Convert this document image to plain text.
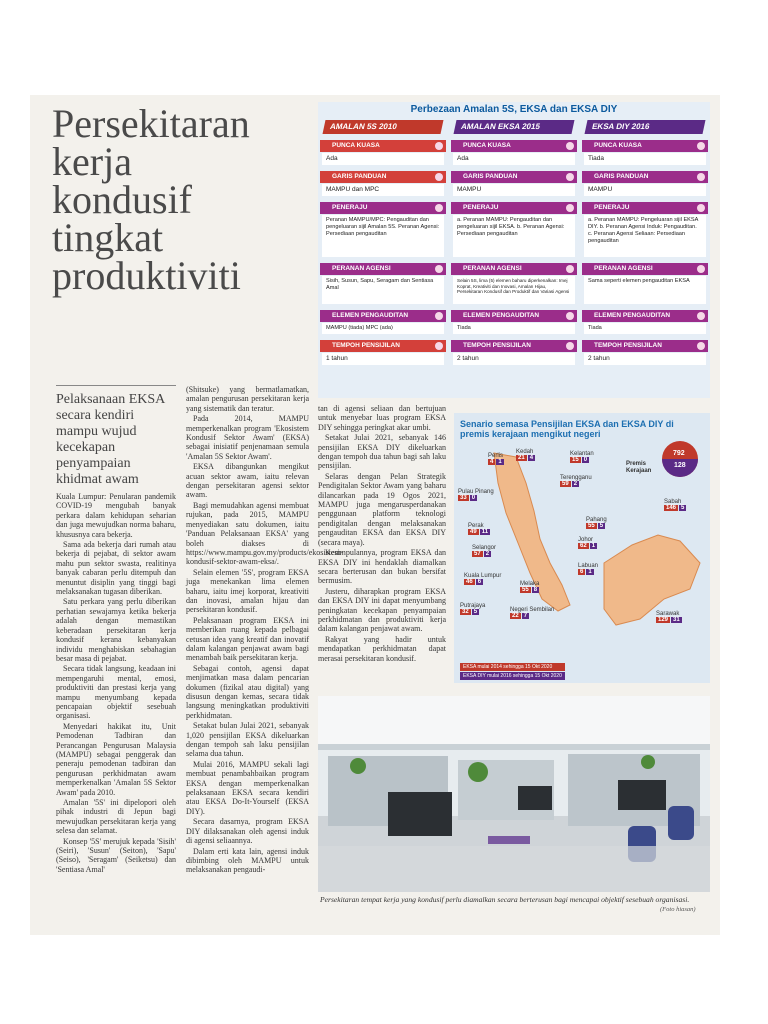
Persekitaran
kerja
kondusif
tingkat
produktiviti
Pelaksanaan EKSA secara kendiri mampu wujud kecekapan penyampaian khidmat awam

Kuala Lumpur: Penularan pandemik COVID-19 mengubah banyak perkara dalam kehidupan seharian dan juga mewujudkan norma baharu, khususnya cara bekerja.

Sama ada bekerja dari rumah atau bekerja di pejabat, di sektor awam mahu pun sektor swasta, realitinya banyak cabaran perlu ditempuh dan menuntut disiplin yang tinggi bagi melaksanakan tugasan diberikan.

Satu perkara yang perlu diberikan perhatian sewajarnya ketika bekerja adalah dengan memastikan keberadaan persekitaran kerja kondusif kerana kebanyakan individu menghabiskan sebahagian besar masa di pejabat.

Secara tidak langsung, keadaan ini mempengaruhi mental, emosi, produktiviti dan prestasi kerja yang mampu menyumbang kepada pencapaian objektif sesebuah organisasi.

Menyedari hakikat itu, Unit Pemodenan Tadbiran dan Perancangan Pengurusan Malaysia (MAMPU) sebagai penggerak dan peneraju pemodenan tadbiran dan pengurusan perkhidmatan awam memperkenalkan 'Amalan 5S Sektor Awam' pada 2010.

Amalan '5S' ini dipelopori oleh pihak industri di Jepun bagi mewujudkan persekitaran kerja yang selesa dan selamat.

Konsep '5S' merujuk kepada 'Sisih' (Seiri), 'Susun' (Seiton), 'Sapu' (Seiso), 'Seragam' (Seiketsu) dan 'Sentiasa Amal'

(Shitsuke) yang bermatlamatkan, amalan pengurusan persekitaran kerja yang sistematik dan teratur.

Pada 2014, MAMPU memperkenalkan program 'Ekosistem Kondusif Sektor Awam' (EKSA) sebagai inisiatif penjenamaan semula 'Amalan 5S Sektor Awam'.

EKSA dibangunkan mengikut acuan sektor awam, iaitu relevan dengan persekitaran agensi sektor awam.

Bagi memudahkan agensi membuat rujukan, pada 2015, MAMPU menyediakan satu dokumen, iaitu 'Panduan Pelaksanaan EKSA' yang boleh diakses di https://www.mampu.gov.my/products/ekosistem-kondusif-sektor-awam-eksa/.

Selain elemen '5S', program EKSA juga menekankan lima elemen baharu, iaitu imej korporat, kreativiti dan inovasi, amalan hijau dan persekitaran kondusif.

Pelaksanaan program EKSA ini memberikan ruang kepada pelbagai cetusan idea yang kreatif dan inovatif dalam kalangan penjawat awam bagi menambah baik persekitaran kerja.

Sebagai contoh, agensi dapat menjimatkan masa dalam pencarian dokumen (fizikal atau digital) yang disusun dengan kemas, secara tidak langsung meningkatkan produktiviti perkhidmatan.

Setakat bulan Julai 2021, sebanyak 1,020 pensijilan EKSA dikeluarkan dengan tempoh sah laku pensijilan selama dua tahun.

Mulai 2016, MAMPU sekali lagi membuat penambahbaikan program EKSA dengan memperkenalkan pelaksanaan EKSA secara kendiri atau EKSA Do-It-Yourself (EKSA DIY).

Secara dasarnya, program EKSA DIY dilaksanakan oleh agensi induk di agensi seliaannya.

Dalam erti kata lain, agensi induk dibimbing oleh MAMPU untuk melaksanakan pengaudi-

tan di agensi seliaan dan bertujuan untuk menyebar luas program EKSA DIY sehingga peringkat akar umbi.

Setakat Julai 2021, sebanyak 146 pensijilan EKSA DIY dikeluarkan dengan tempoh dua tahun bagi sah laku pensijilan.

Selaras dengan Pelan Strategik Pendigitalan Sektor Awam yang baharu dilancarkan pada 19 Ogos 2021, MAMPU juga mengarusperdanakan penggunaan platform teknologi pendigitalan dengan melaksanakan pengauditan EKSA dan EKSA DIY (secara maya).

Kesimpulannya, program EKSA dan EKSA DIY ini hendaklah diamalkan secara berterusan dan bukan bersifat bermusim.

Justeru, diharapkan program EKSA dan EKSA DIY ini dapat menyumbang peningkatan kecekapan penyampaian perkhidmatan dan produktiviti kerja dalam kalangan penjawat awam.

Rakyat yang hadir untuk mendapatkan perkhidmatan dapat merasai persekitaran kondusif.

Perbezaan Amalan 5S, EKSA dan EKSA DIY
AMALAN 5S 2010
PUNCA KUASA
Ada
GARIS PANDUAN
MAMPU dan MPC
PENERAJU
Peranan MAMPU/MPC: Pengauditan dan pengeluaran sijil Amalan 5S. Peranan Agensi: Persediaan pengauditan
PERANAN AGENSI
Sisih, Susun, Sapu, Seragam dan Sentiasa Amal
ELEMEN PENGAUDITAN
MAMPU (tiada) MPC (ada)
TEMPOH PENSIJILAN
1 tahun
AMALAN EKSA 2015
PUNCA KUASA
Ada
GARIS PANDUAN
MAMPU
PENERAJU
a. Peranan MAMPU: Pengauditan dan pengeluaran sijil EKSA. b. Peranan Agensi: Persediaan pengauditan
PERANAN AGENSI
Selain 5S, lima (5) elemen baharu diperkenalkan: Imej Koprat, Kreativiti dan Inovasi, Amalan Hijau, Persekitaran Kondusif dan Produktif dan Variasi Agensi
ELEMEN PENGAUDITAN
Tiada
TEMPOH PENSIJILAN
2 tahun
EKSA DIY 2016
PUNCA KUASA
Tiada
GARIS PANDUAN
MAMPU
PENERAJU
a. Peranan MAMPU: Pengeluaran sijil EKSA DIY. b. Peranan Agensi Induk: Pengauditan. c. Peranan Agensi Seliaan: Persediaan pengauditan
PERANAN AGENSI
Sama seperti elemen pengauditan EKSA
ELEMEN PENGAUDITAN
Tiada
TEMPOH PENSIJILAN
2 tahun
Senario semasa Pensijilan EKSA dan EKSA DIY di premis kerajaan mengikut negeri
792
128
Premis Kerajaan
Perlis
4 1
Kedah
21 4
Kelantan
15 0
Terengganu
59 2
Pulau Pinang
33 0
Pahang
55 5
Perak
49 11
Johor
62 1
Selangor
57 2
Labuan
6 1
Kuala Lumpur
46 6	Melaka
55 8
Putrajaya
32 5	Negeri Sembilan
22 7
Sabah
146 5
Sarawak
129 31
EKSA mulai 2014 sehingga 15 Okt 2020
EKSA DIY mulai 2016 sehingga 15 Okt 2020
Persekitaran tempat kerja yang kondusif perlu diamalkan secara berterusan bagi mencapai objektif sesebuah organisasi.
(Foto hiasan)
